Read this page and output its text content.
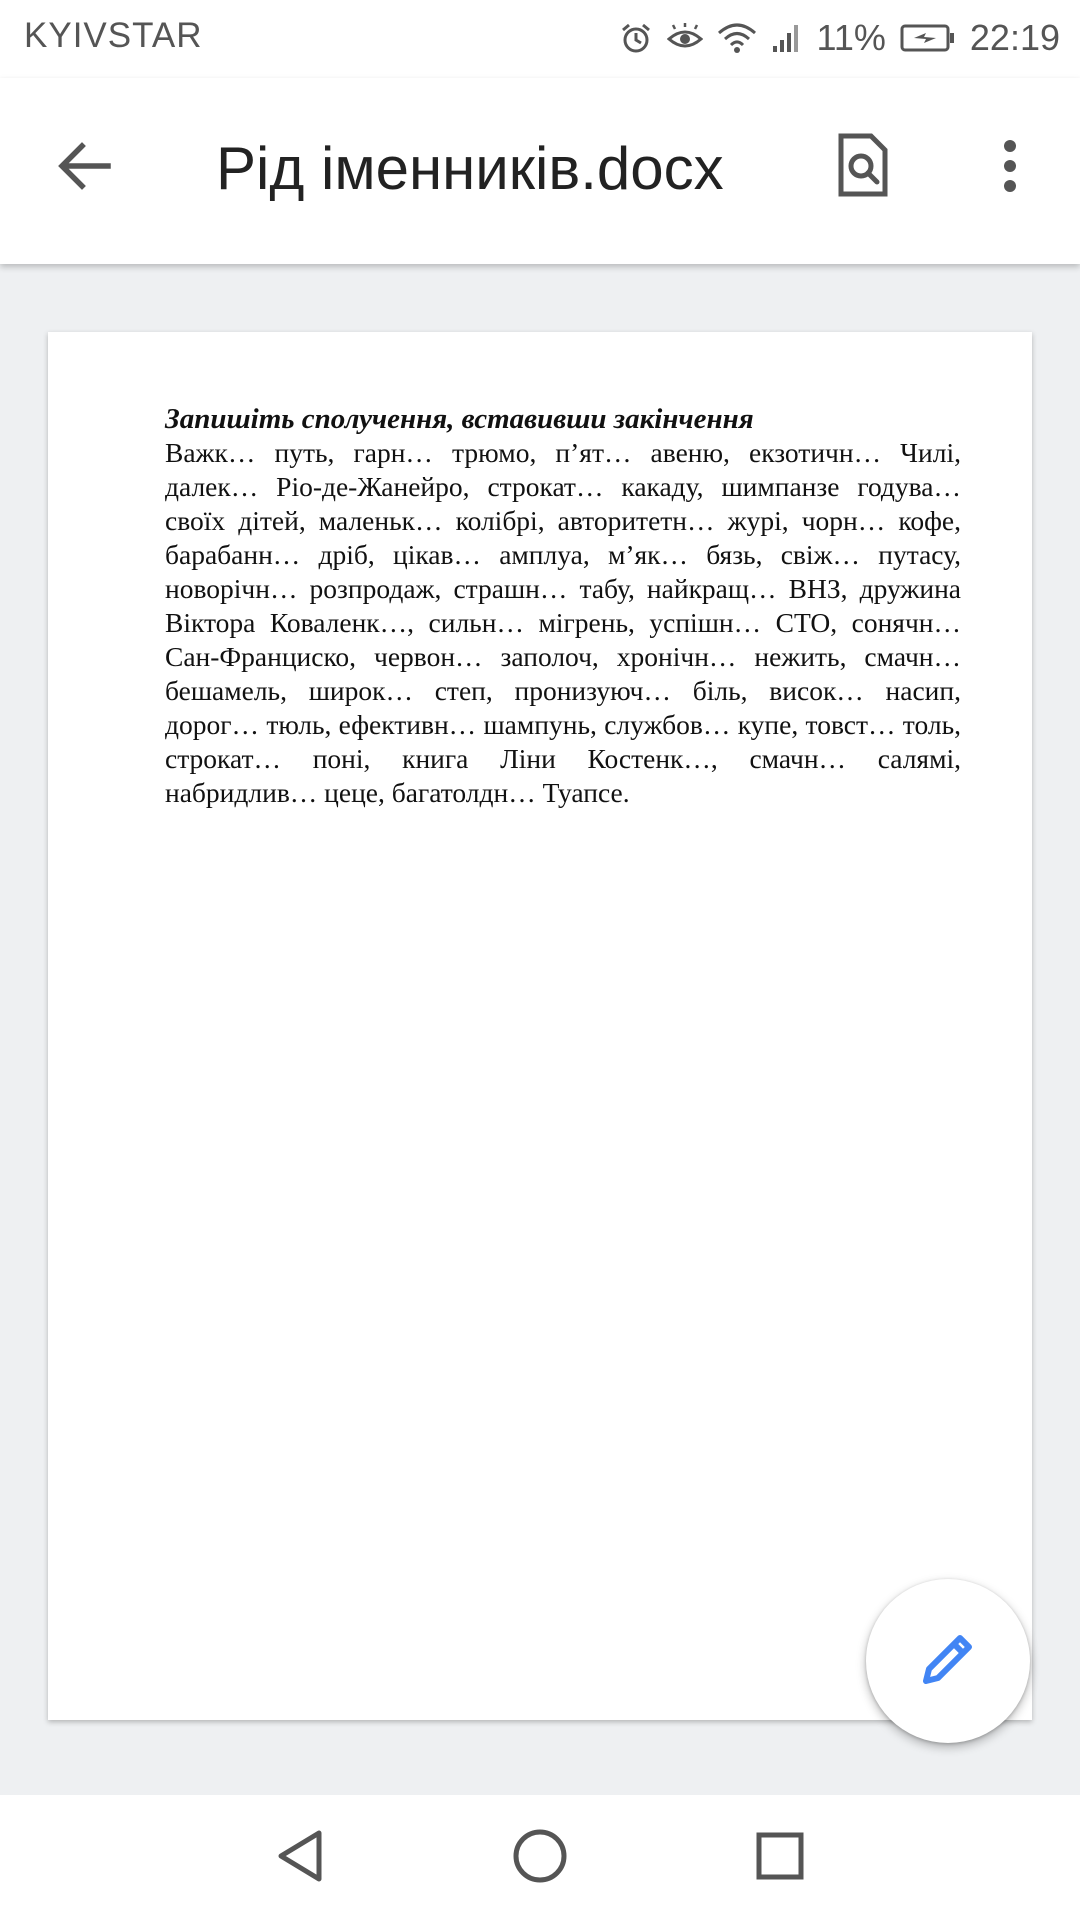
KYIVSTAR	11% 22:19
Рід іменників.docx

Запишіть сполучення, вставивши закінчення

Важк… путь, гарн… трюмо, п’ят… авеню, екзотичн… Чилі, далек… Ріо-де-Жанейро, строкат… какаду, шимпанзе годува… своїх дітей, маленьк… колібрі, авторитетн… журі, чорн… кофе, барабанн… дріб, цікав… амплуа, м’як… бязь, свіж… путасу, новорічн… розпродаж, страшн… табу, найкращ… ВНЗ, дружина Віктора Коваленк…, сильн… мігрень, успішн… СТО, сонячн… Сан-Франциско, червон… заполоч, хронічн… нежить, смачн… бешамель, широк… степ, пронизуюч… біль, висок… насип, дорог… тюль, ефективн… шампунь, службов… купе, товст… толь, строкат… поні, книга Ліни Костенк…, смачн… салямі, набридлив… цеце, багатолдн… Туапсе.
